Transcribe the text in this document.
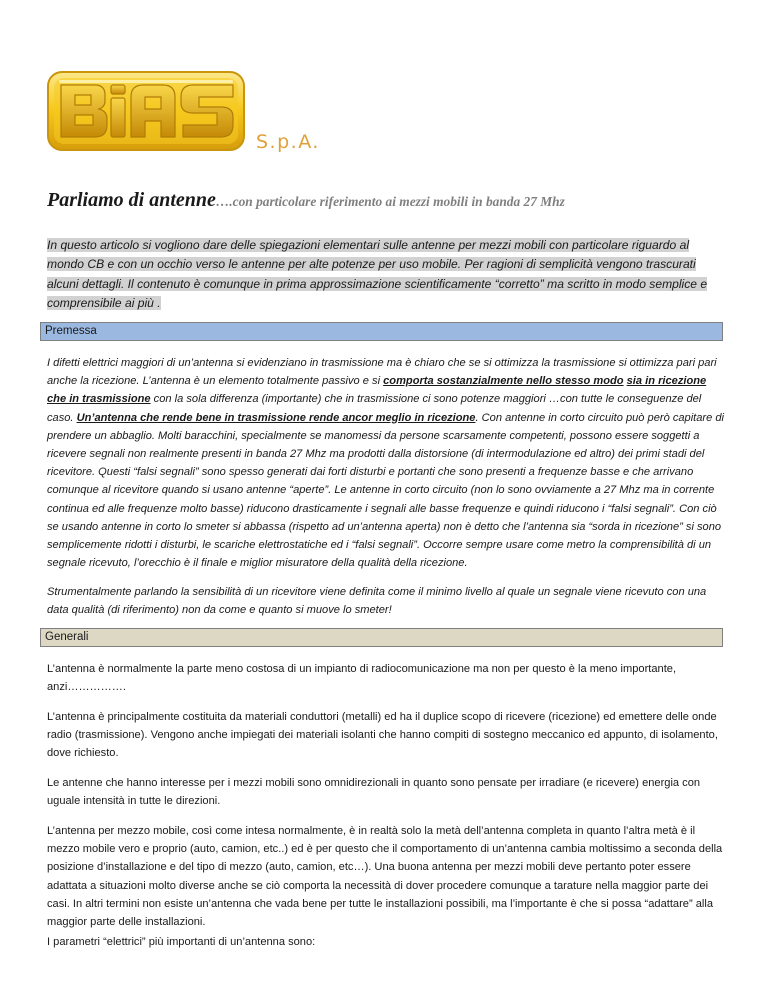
S.p.A.
Parliamo di antenne….con particolare riferimento ai mezzi mobili in banda 27 Mhz
In questo articolo si vogliono dare delle spiegazioni elementari sulle antenne per mezzi mobili con particolare riguardo al mondo CB e con un occhio verso le antenne per alte potenze per uso mobile. Per ragioni di semplicità vengono trascurati alcuni dettagli. Il contenuto è comunque in prima approssimazione scientificamente “corretto” ma scritto in modo semplice e comprensibile ai più .
Premessa

I difetti elettrici maggiori di un’antenna si evidenziano in trasmissione ma è chiaro che se si ottimizza la trasmissione si ottimizza pari pari anche la ricezione. L’antenna è un elemento totalmente passivo e si comporta sostanzialmente nello stesso modo sia in ricezione che in trasmissione con la sola differenza (importante) che in trasmissione ci sono potenze maggiori …con tutte le conseguenze del caso. Un’antenna che rende bene in trasmissione rende ancor meglio in ricezione. Con antenne in corto circuito può però capitare di prendere un abbaglio. Molti baracchini, specialmente se manomessi da persone scarsamente competenti, possono essere soggetti a ricevere segnali non realmente presenti in banda 27 Mhz ma prodotti dalla distorsione (di intermodulazione ed altro) dei primi stadi del ricevitore. Questi “falsi segnali” sono spesso generati dai forti disturbi e portanti che sono presenti a frequenze basse e che arrivano comunque al ricevitore quando si usano antenne “aperte”. Le antenne in corto circuito (non lo sono ovviamente a 27 Mhz ma in corrente continua ed alle frequenze molto basse) riducono drasticamente i segnali alle basse frequenze e quindi riducono i “falsi segnali”. Con ciò se usando antenne in corto lo smeter si abbassa (rispetto ad un’antenna aperta) non è detto che l’antenna sia “sorda in ricezione” si sono semplicemente ridotti i disturbi, le scariche elettrostatiche ed i “falsi segnali”. Occorre sempre usare come metro la comprensibilità di un segnale ricevuto, l’orecchio è il finale e miglior misuratore della qualità della ricezione.

Strumentalmente parlando la sensibilità di un ricevitore viene definita come il minimo livello al quale un segnale viene ricevuto con una data qualità (di riferimento) non da come e quanto si muove lo smeter!

Generali

L’antenna è normalmente la parte meno costosa di un impianto di radiocomunicazione ma non per questo è la meno importante, anzi…………….

L’antenna è principalmente costituita da materiali conduttori (metalli) ed ha il duplice scopo di ricevere (ricezione) ed emettere delle onde radio (trasmissione). Vengono anche impiegati dei materiali isolanti che hanno compiti di sostegno meccanico ed appunto, di isolamento, dove richiesto.

Le antenne che hanno interesse per i mezzi mobili sono omnidirezionali in quanto sono pensate per irradiare (e ricevere) energia con uguale intensità in tutte le direzioni.

L’antenna per mezzo mobile, così come intesa normalmente, è in realtà solo la metà dell’antenna completa in quanto l’altra metà è il mezzo mobile vero e proprio (auto, camion, etc..) ed è per questo che il comportamento di un’antenna cambia moltissimo a seconda della posizione d’installazione e del tipo di mezzo (auto, camion, etc…). Una buona antenna per mezzi mobili deve pertanto poter essere adattata a situazioni molto diverse anche se ciò comporta la necessità di dover procedere comunque a tarature nella maggior parte dei casi. In altri termini non esiste un’antenna che vada bene per tutte le installazioni possibili, ma l’importante è che si possa “adattare” alla maggior parte delle installazioni.

I parametri “elettrici” più importanti di un’antenna sono:
